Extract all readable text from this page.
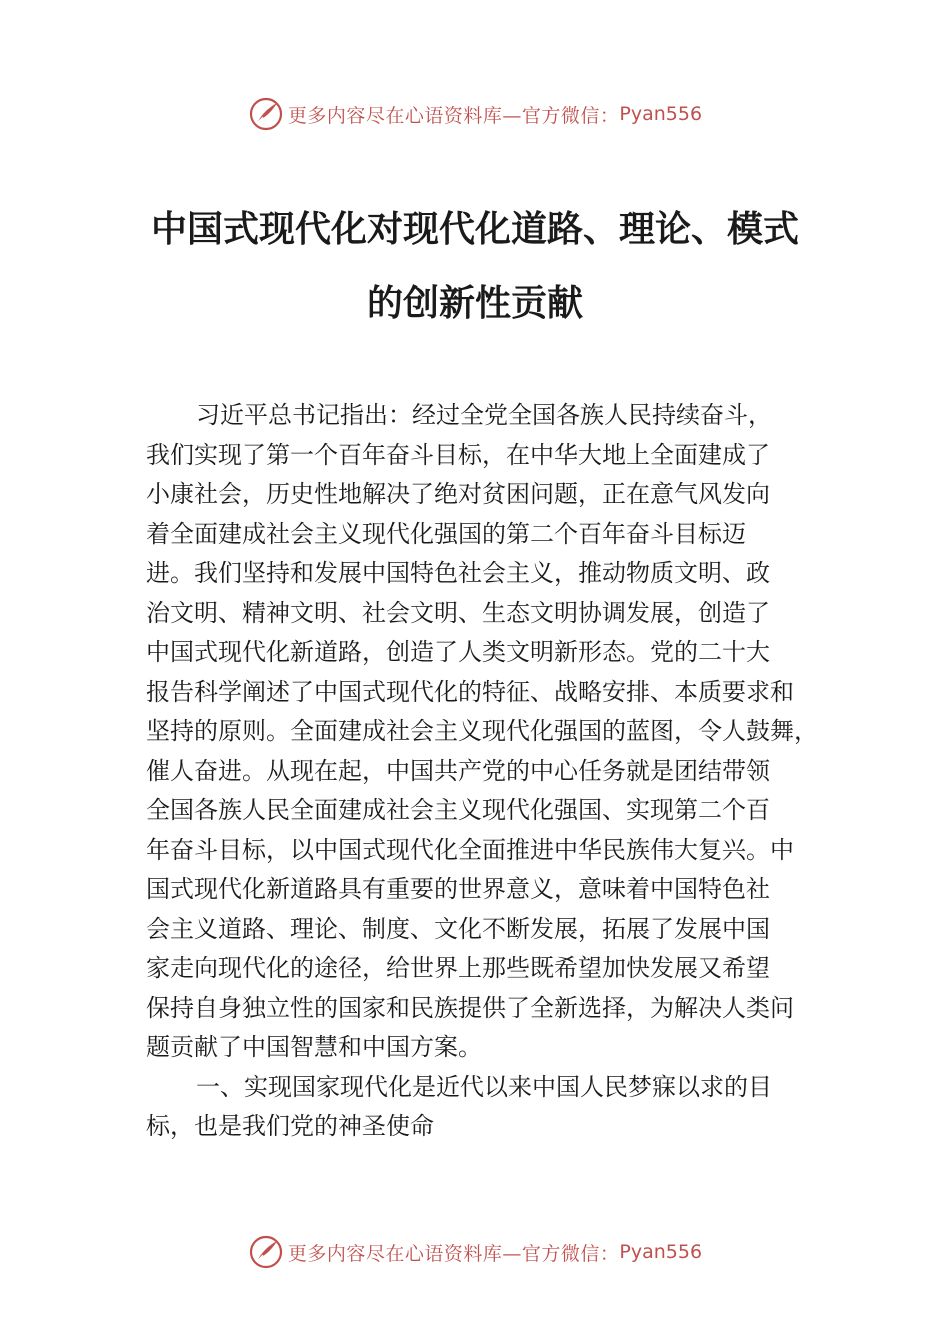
更多内容尽在心语资料库—官方微信： Pyan556
中国式现代化对现代化道路、理论、模式
的创新性贡献

习近平总书记指出：经过全党全国各族人民持续奋斗，
我们实现了第一个百年奋斗目标，在中华大地上全面建成了
小康社会，历史性地解决了绝对贫困问题，正在意气风发向
着全面建成社会主义现代化强国的第二个百年奋斗目标迈
进。我们坚持和发展中国特色社会主义，推动物质文明、政
治文明、精神文明、社会文明、生态文明协调发展，创造了
中国式现代化新道路，创造了人类文明新形态。党的二十大
报告科学阐述了中国式现代化的特征、战略安排、本质要求和
坚持的原则。全面建成社会主义现代化强国的蓝图，令人鼓舞，
催人奋进。从现在起，中国共产党的中心任务就是团结带领
全国各族人民全面建成社会主义现代化强国、实现第二个百
年奋斗目标，以中国式现代化全面推进中华民族伟大复兴。中
国式现代化新道路具有重要的世界意义，意味着中国特色社
会主义道路、理论、制度、文化不断发展，拓展了发展中国
家走向现代化的途径，给世界上那些既希望加快发展又希望
保持自身独立性的国家和民族提供了全新选择，为解决人类问
题贡献了中国智慧和中国方案。

一、实现国家现代化是近代以来中国人民梦寐以求的目
标，也是我们党的神圣使命

更多内容尽在心语资料库—官方微信： Pyan556
